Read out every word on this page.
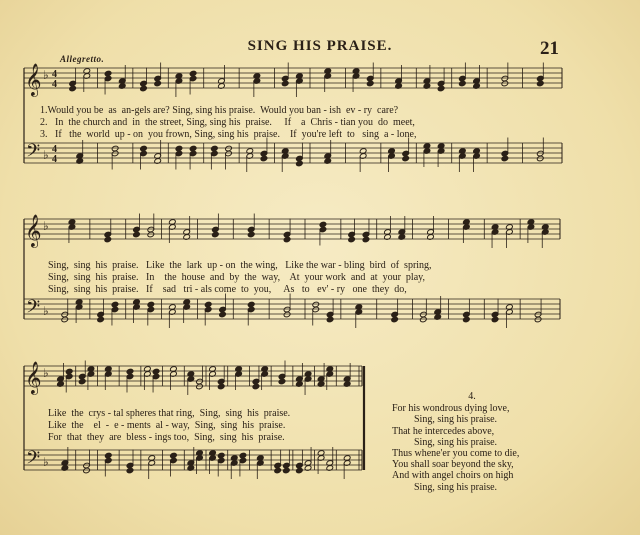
𝄞
𝄢
♭
♭
4
4
4
4
𝄞
𝄢
♭
♭
𝄞
𝄢
♭
♭
SING HIS PRAISE.	21
Allegretto.
1.Would you be  as  an-gels are? Sing, sing his praise.  Would you ban - ish  ev - ry  care?
2.   In  the church and  in  the street, Sing, sing his  praise.     If    a  Chris - tian you  do  meet,
3.   If   the  world  up - on  you frown, Sing, sing his  praise.    If  you're left  to   sing  a - lone,
Sing,  sing  his  praise.   Like  the  lark  up - on  the wing,   Like the war - bling  bird  of  spring,
Sing,  sing  his  praise.   In    the  house  and  by  the  way,    At  your work  and  at  your  play,
Sing,  sing  his  praise.   If    sad   tri - als come  to  you,     As   to   ev' - ry   one  they  do,
Like  the  crys - tal spheres that ring,  Sing,  sing  his  praise.
Like  the    el  -  e - ments  al - way,  Sing,  sing  his  praise.
For  that  they  are  bless - ings too,  Sing,  sing  his  praise.
4.
For his wondrous dying love,
Sing, sing his praise.
That he intercedes above,
Sing, sing his praise.
Thus whene'er you come to die,
You shall soar beyond the sky,
And with angel choirs on high
Sing, sing his praise.
